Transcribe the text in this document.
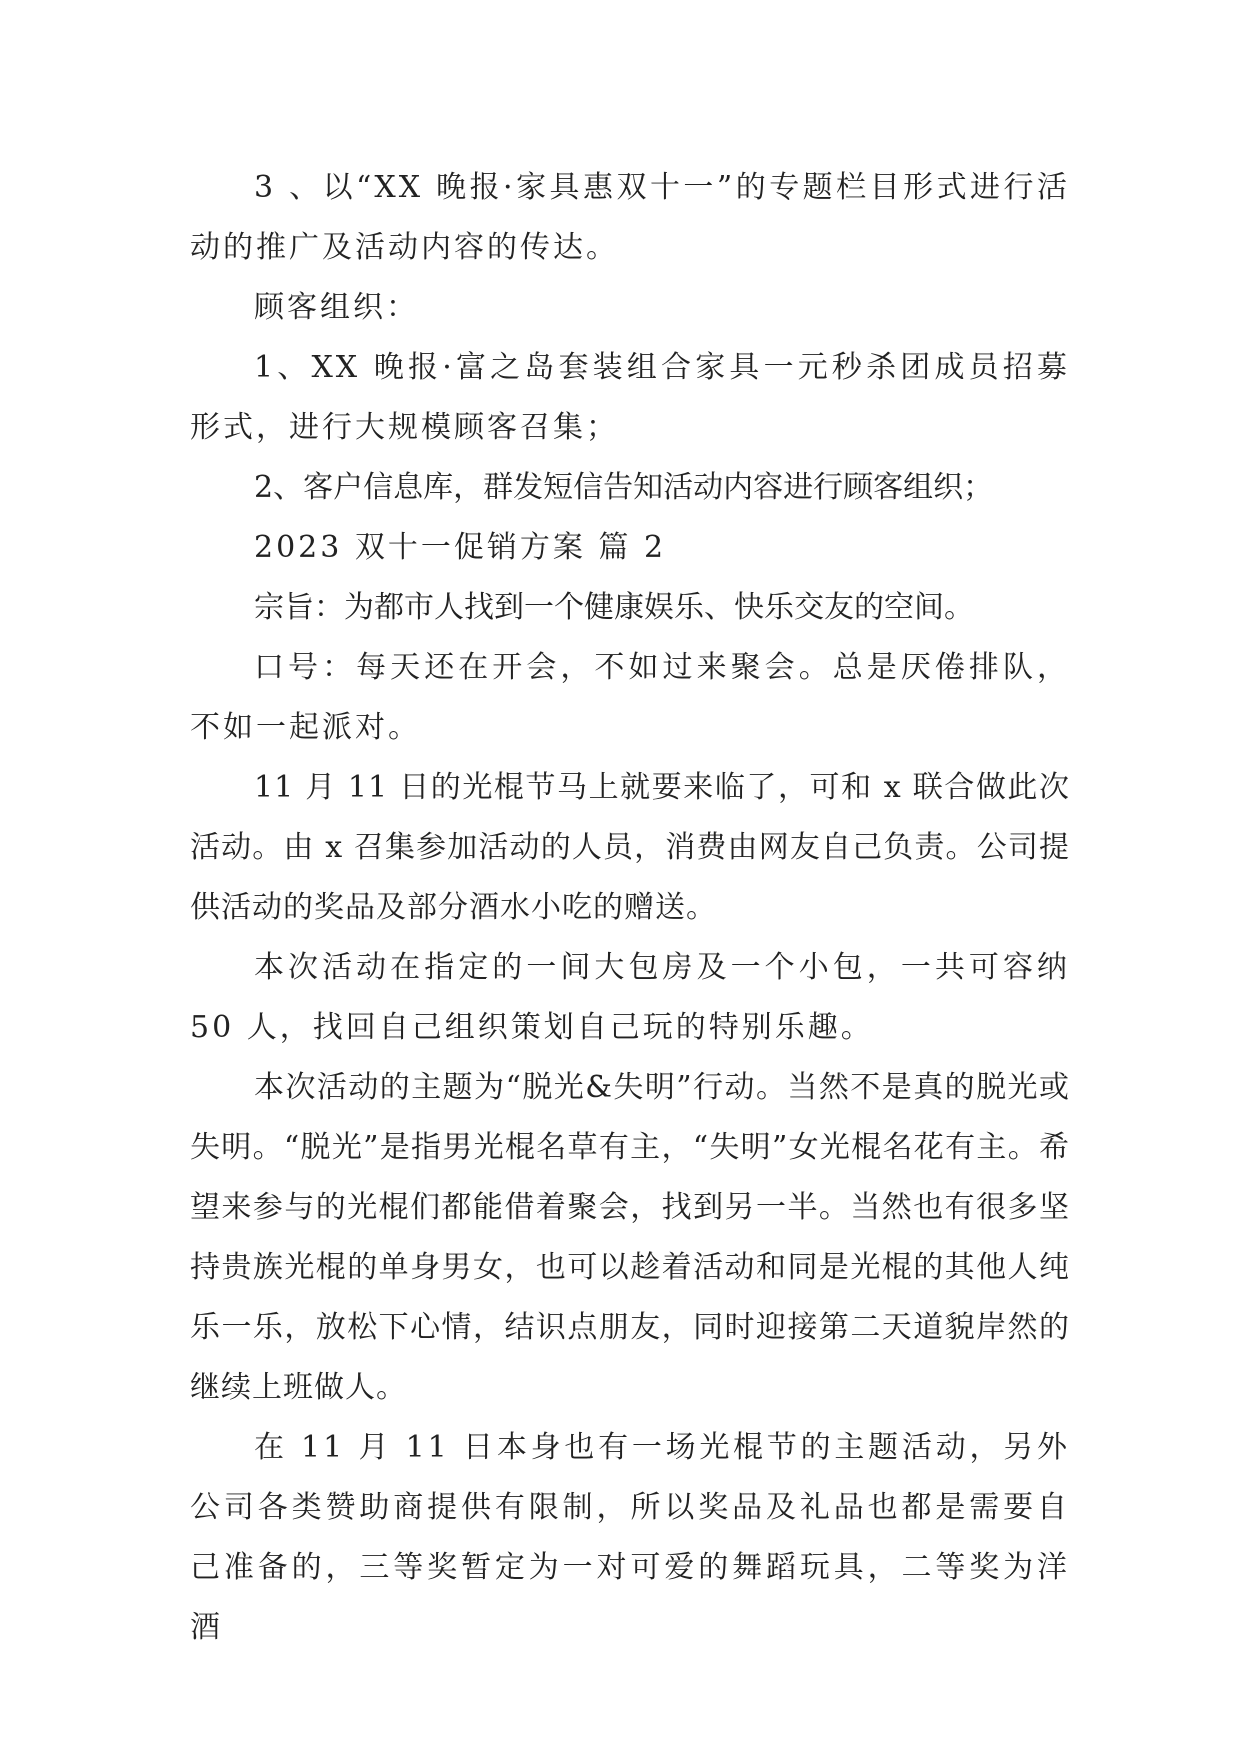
3 、以“XX 晚报·家具惠双十一”的专题栏目形式进行活动的推广及活动内容的传达。

顾客组织：

1、XX 晚报·富之岛套装组合家具一元秒杀团成员招募形式，进行大规模顾客召集；

2、客户信息库，群发短信告知活动内容进行顾客组织；

2023 双十一促销方案 篇 2

宗旨：为都市人找到一个健康娱乐、快乐交友的空间。

口号：每天还在开会，不如过来聚会。总是厌倦排队，不如一起派对。

11 月 11 日的光棍节马上就要来临了，可和 x 联合做此次活动。由 x 召集参加活动的人员，消费由网友自己负责。公司提供活动的奖品及部分酒水小吃的赠送。

本次活动在指定的一间大包房及一个小包，一共可容纳 50 人，找回自己组织策划自己玩的特别乐趣。

本次活动的主题为“脱光&失明”行动。当然不是真的脱光或失明。“脱光”是指男光棍名草有主，“失明”女光棍名花有主。希望来参与的光棍们都能借着聚会，找到另一半。当然也有很多坚持贵族光棍的单身男女，也可以趁着活动和同是光棍的其他人纯乐一乐，放松下心情，结识点朋友，同时迎接第二天道貌岸然的继续上班做人。

在 11 月 11 日本身也有一场光棍节的主题活动，另外公司各类赞助商提供有限制，所以奖品及礼品也都是需要自己准备的，三等奖暂定为一对可爱的舞蹈玩具，二等奖为洋酒
